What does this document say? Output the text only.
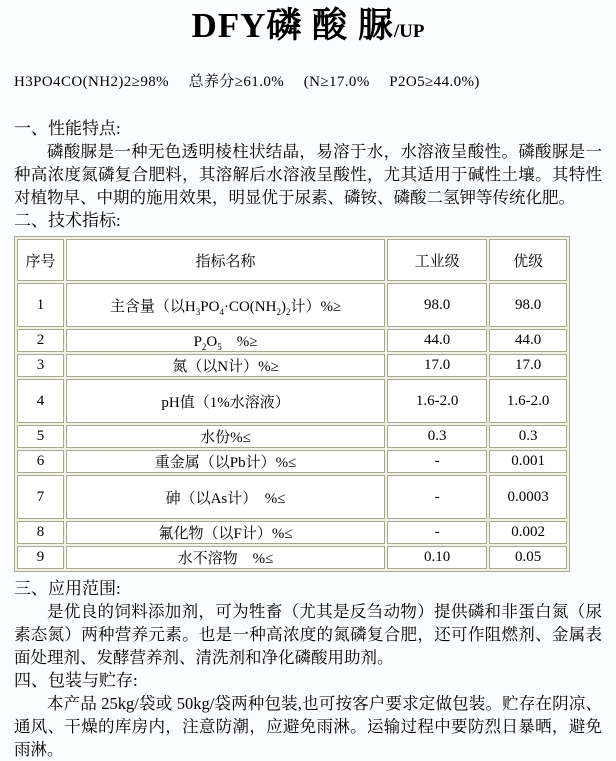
DFY磷 酸 脲/UP
H3PO4CO(NH2)2≥98%　 总养分≥61.0%　 (N≥17.0%　 P2O5≥44.0%)
一、性能特点:

磷酸脲是一种无色透明棱柱状结晶，易溶于水，水溶液呈酸性。磷酸脲是一种高浓度氮磷复合肥料，其溶解后水溶液呈酸性，尤其适用于碱性土壤。其特性对植物早、中期的施用效果，明显优于尿素、磷铵、磷酸二氢钾等传统化肥。

二、技术指标:
序号	指标名称	工业级	优级
1	主含量（以$H_3PO_4\cdot CO(NH_2)_2$计）%≥	98.0	98.0
2	$P_2O_5$　%≥	44.0	44.0
3	氮（以N计）%≥	17.0	17.0
4	pH值（1%水溶液）	1.6-2.0	1.6-2.0
5	水份%≤	0.3	0.3
6	重金属（以Pb计）%≤	-	0.001
7	砷（以As计）　%≤	-	0.0003
8	氟化物（以F计）%≤	-	0.002
9	水不溶物　%≤	0.10	0.05
三、应用范围:

是优良的饲料添加剂，可为牲畜（尤其是反刍动物）提供磷和非蛋白氮（尿素态氮）两种营养元素。也是一种高浓度的氮磷复合肥，还可作阻燃剂、金属表面处理剂、发酵营养剂、清洗剂和净化磷酸用助剂。

四、包装与贮存:

本产品 25kg/袋或 50kg/袋两种包装,也可按客户要求定做包装。贮存在阴凉、通风、干燥的库房内，注意防潮，应避免雨淋。运输过程中要防烈日暴晒，避免雨淋。
